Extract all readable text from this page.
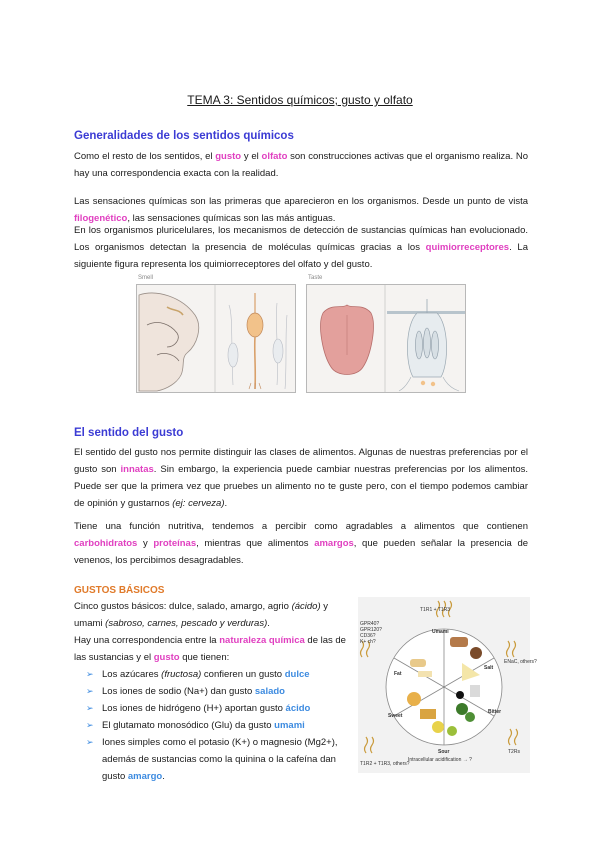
TEMA 3: Sentidos químicos; gusto y olfato
Generalidades de los sentidos químicos
Como el resto de los sentidos, el gusto y el olfato son construcciones activas que el organismo realiza. No hay una correspondencia exacta con la realidad.
Las sensaciones químicas son las primeras que aparecieron en los organismos. Desde un punto de vista filogenético, las sensaciones químicas son las más antiguas.
En los organismos pluricelulares, los mecanismos de detección de sustancias químicas han evolucionado. Los organismos detectan la presencia de moléculas químicas gracias a los quimiorreceptores. La siguiente figura representa los quimiorreceptores del olfato y del gusto.
Smell	Taste
El sentido del gusto
El sentido del gusto nos permite distinguir las clases de alimentos. Algunas de nuestras preferencias por el gusto son innatas. Sin embargo, la experiencia puede cambiar nuestras preferencias por los alimentos. Puede ser que la primera vez que pruebes un alimento no te guste pero, con el tiempo podemos cambiar de opinión y gustarnos (ej: cerveza).
Tiene una función nutritiva, tendemos a percibir como agradables a alimentos que contienen carbohidratos y proteínas, mientras que alimentos amargos, que pueden señalar la presencia de venenos, los percibimos desagradables.
GUSTOS BÁSICOS

Cinco gustos básicos: dulce, salado, amargo, agrio (ácido) y umami (sabroso, carnes, pescado y verduras).

Hay una correspondencia entre la naturaleza química de las de las sustancias y el gusto que tienen:

➢ Los azúcares (fructosa) confieren un gusto dulce
➢ Los iones de sodio (Na+) dan gusto salado
➢ Los iones de hidrógeno (H+) aportan gusto ácido
➢ El glutamato monosódico (Glu) da gusto umami
➢ Iones simples como el potasio (K+) o magnesio (Mg2+), además de sustancias como la quinina o la cafeína dan gusto amargo.
T1R1 + T1R3
Umami
GPR40?
GPR120?
CD36?
K+ ch?
Fat
Salt
ENaC, others?
Sweet
T1R2 + T1R3, others?
Bitter
T2Rs
Sour
Intracellular acidification → ?
